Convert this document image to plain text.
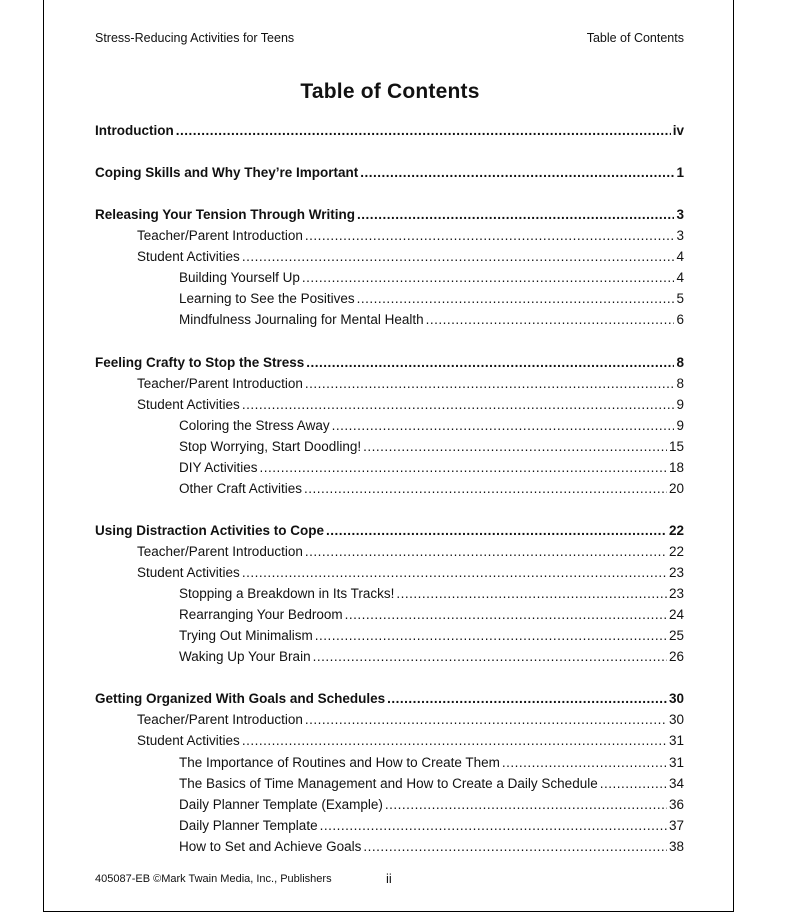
Stress-Reducing Activities for Teens	Table of Contents
Table of Contents
Introduction .....	iv
Coping Skills and Why They’re Important .....	1
Releasing Your Tension Through Writing .....	3
Teacher/Parent Introduction .....	3
Student Activities .....	4
Building Yourself Up .....	4
Learning to See the Positives .....	5
Mindfulness Journaling for Mental Health .....	6
Feeling Crafty to Stop the Stress .....	8
Teacher/Parent Introduction .....	8
Student Activities .....	9
Coloring the Stress Away .....	9
Stop Worrying, Start Doodling! .....	15
DIY Activities .....	18
Other Craft Activities .....	20
Using Distraction Activities to Cope .....	22
Teacher/Parent Introduction .....	22
Student Activities .....	23
Stopping a Breakdown in Its Tracks! .....	23
Rearranging Your Bedroom .....	24
Trying Out Minimalism .....	25
Waking Up Your Brain .....	26
Getting Organized With Goals and Schedules .....	30
Teacher/Parent Introduction .....	30
Student Activities .....	31
The Importance of Routines and How to Create Them .....	31
The Basics of Time Management and How to Create a Daily Schedule .....	34
Daily Planner Template (Example) .....	36
Daily Planner Template .....	37
How to Set and Achieve Goals .....	38
405087-EB ©Mark Twain Media, Inc., Publishers	ii
